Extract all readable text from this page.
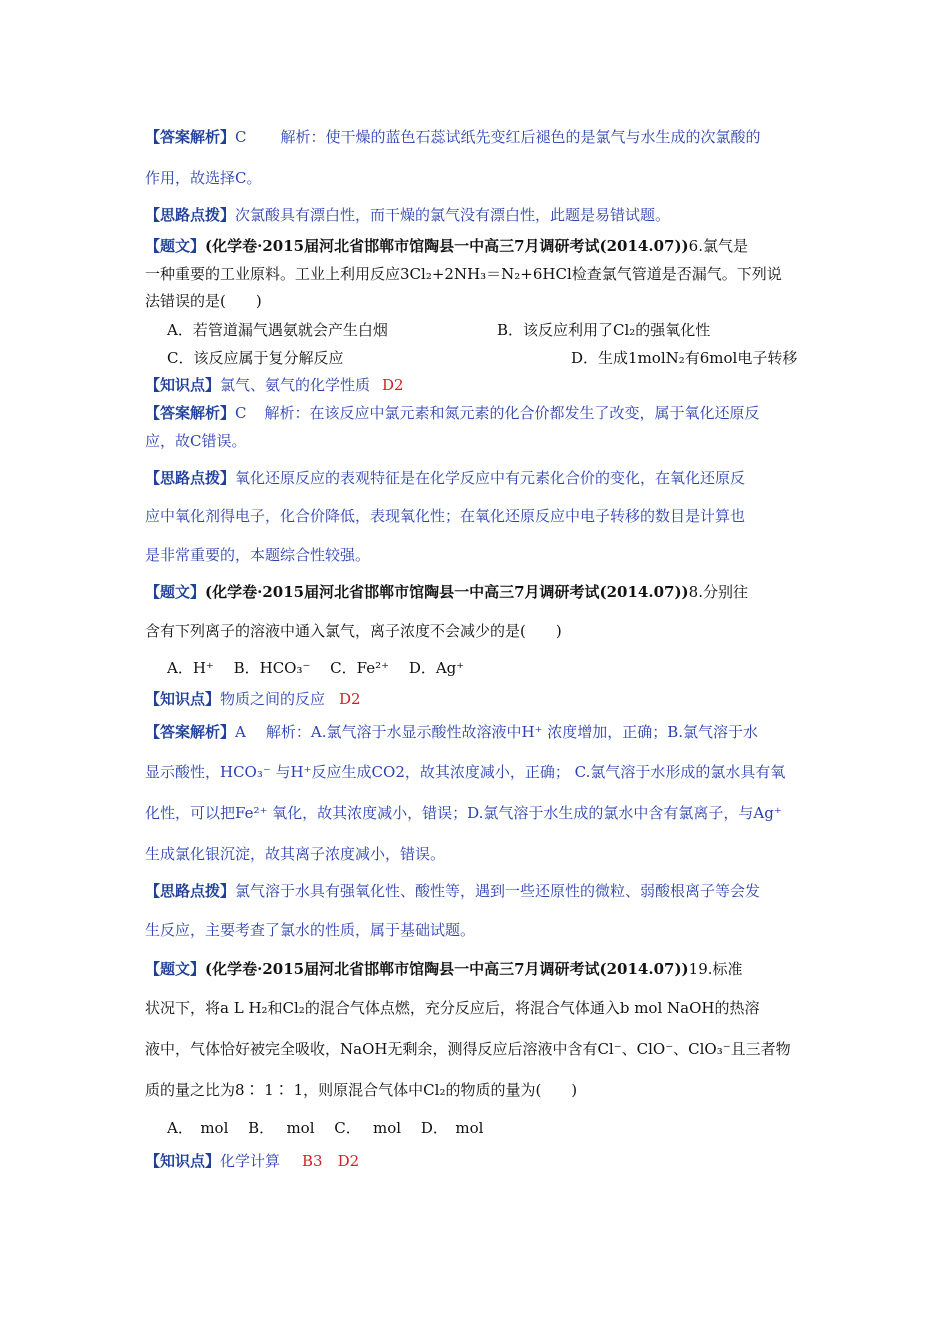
【答案解析】C 解析：使干燥的蓝色石蕊试纸先变红后褪色的是氯气与水生成的次氯酸的
作用，故选择C。
【思路点拨】次氯酸具有漂白性，而干燥的氯气没有漂白性，此题是易错试题。
【题文】(化学卷·2015届河北省邯郸市馆陶县一中高三7月调研考试(2014.07))6.氯气是
一种重要的工业原料。工业上利用反应3Cl₂+2NH₃＝N₂+6HCl检查氯气管道是否漏气。下列说
法错误的是(　　)
A．若管道漏气遇氨就会产生白烟	B．该反应利用了Cl₂的强氧化性
C．该反应属于复分解反应	D．生成1molN₂有6mol电子转移
【知识点】氯气、氨气的化学性质 D2
【答案解析】C 解析：在该反应中氯元素和氮元素的化合价都发生了改变，属于氧化还原反
应，故C错误。
【思路点拨】氧化还原反应的表观特征是在化学反应中有元素化合价的变化，在氧化还原反
应中氧化剂得电子，化合价降低，表现氧化性；在氧化还原反应中电子转移的数目是计算也
是非常重要的，本题综合性较强。
【题文】(化学卷·2015届河北省邯郸市馆陶县一中高三7月调研考试(2014.07))8.分别往
含有下列离子的溶液中通入氯气，离子浓度不会减少的是(　　)
A．H⁺　 B．HCO₃⁻　 C．Fe²⁺　 D．Ag⁺
【知识点】物质之间的反应 D2
【答案解析】A 解析：A.氯气溶于水显示酸性故溶液中H⁺ 浓度增加，正确；B.氯气溶于水
显示酸性，HCO₃⁻ 与H⁺反应生成CO2，故其浓度减小，正确； C.氯气溶于水形成的氯水具有氧
化性，可以把Fe²⁺ 氧化，故其浓度减小，错误；D.氯气溶于水生成的氯水中含有氯离子，与Ag⁺
生成氯化银沉淀，故其离子浓度减小，错误。
【思路点拨】氯气溶于水具有强氧化性、酸性等，遇到一些还原性的微粒、弱酸根离子等会发
生反应，主要考查了氯水的性质，属于基础试题。
【题文】(化学卷·2015届河北省邯郸市馆陶县一中高三7月调研考试(2014.07))19.标准
状况下，将a L H₂和Cl₂的混合气体点燃，充分反应后，将混合气体通入b mol NaOH的热溶
液中，气体恰好被完全吸收，NaOH无剩余，测得反应后溶液中含有Cl⁻、ClO⁻、ClO₃⁻且三者物
质的量之比为8∶ 1∶ 1，则原混合气体中Cl₂的物质的量为(　　)
A．　mol　 B．　 mol　 C．　 mol　 D．　mol
【知识点】化学计算 B3　D2
